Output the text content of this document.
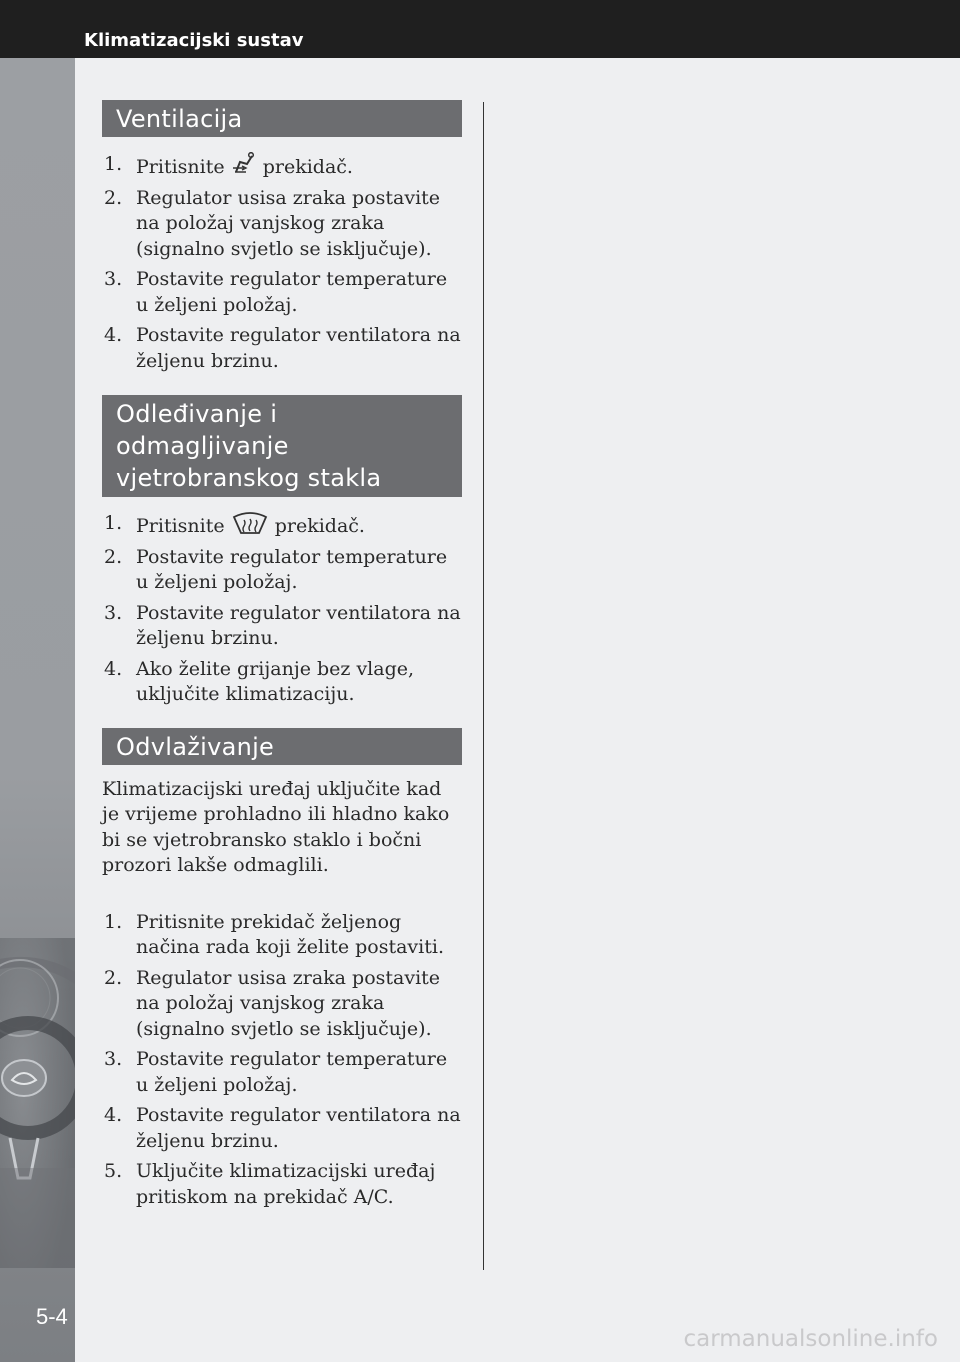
Klimatizacijski sustav
5-4
Ventilacija
1. Pritisnite prekidač.
2. Regulator usisa zraka postavite na položaj vanjskog zraka (signalno svjetlo se isključuje).
3. Postavite regulator temperature u željeni položaj.
4. Postavite regulator ventilatora na željenu brzinu.
Odleđivanje i odmagljivanje
vjetrobranskog stakla
1. Pritisnite	prekidač.
2. Postavite regulator temperature u željeni položaj.
3. Postavite regulator ventilatora na željenu brzinu.
4. Ako želite grijanje bez vlage, uključite klimatizaciju.
Odvlaživanje

Klimatizacijski uređaj uključite kad je vrijeme prohladno ili hladno kako bi se vjetrobransko staklo i bočni prozori lakše odmaglili.

1. Pritisnite prekidač željenog načina rada koji želite postaviti.
2. Regulator usisa zraka postavite na položaj vanjskog zraka (signalno svjetlo se isključuje).
3. Postavite regulator temperature u željeni položaj.
4. Postavite regulator ventilatora na željenu brzinu.
5. Uključite klimatizacijski uređaj pritiskom na prekidač A/C.
carmanualsonline.info
